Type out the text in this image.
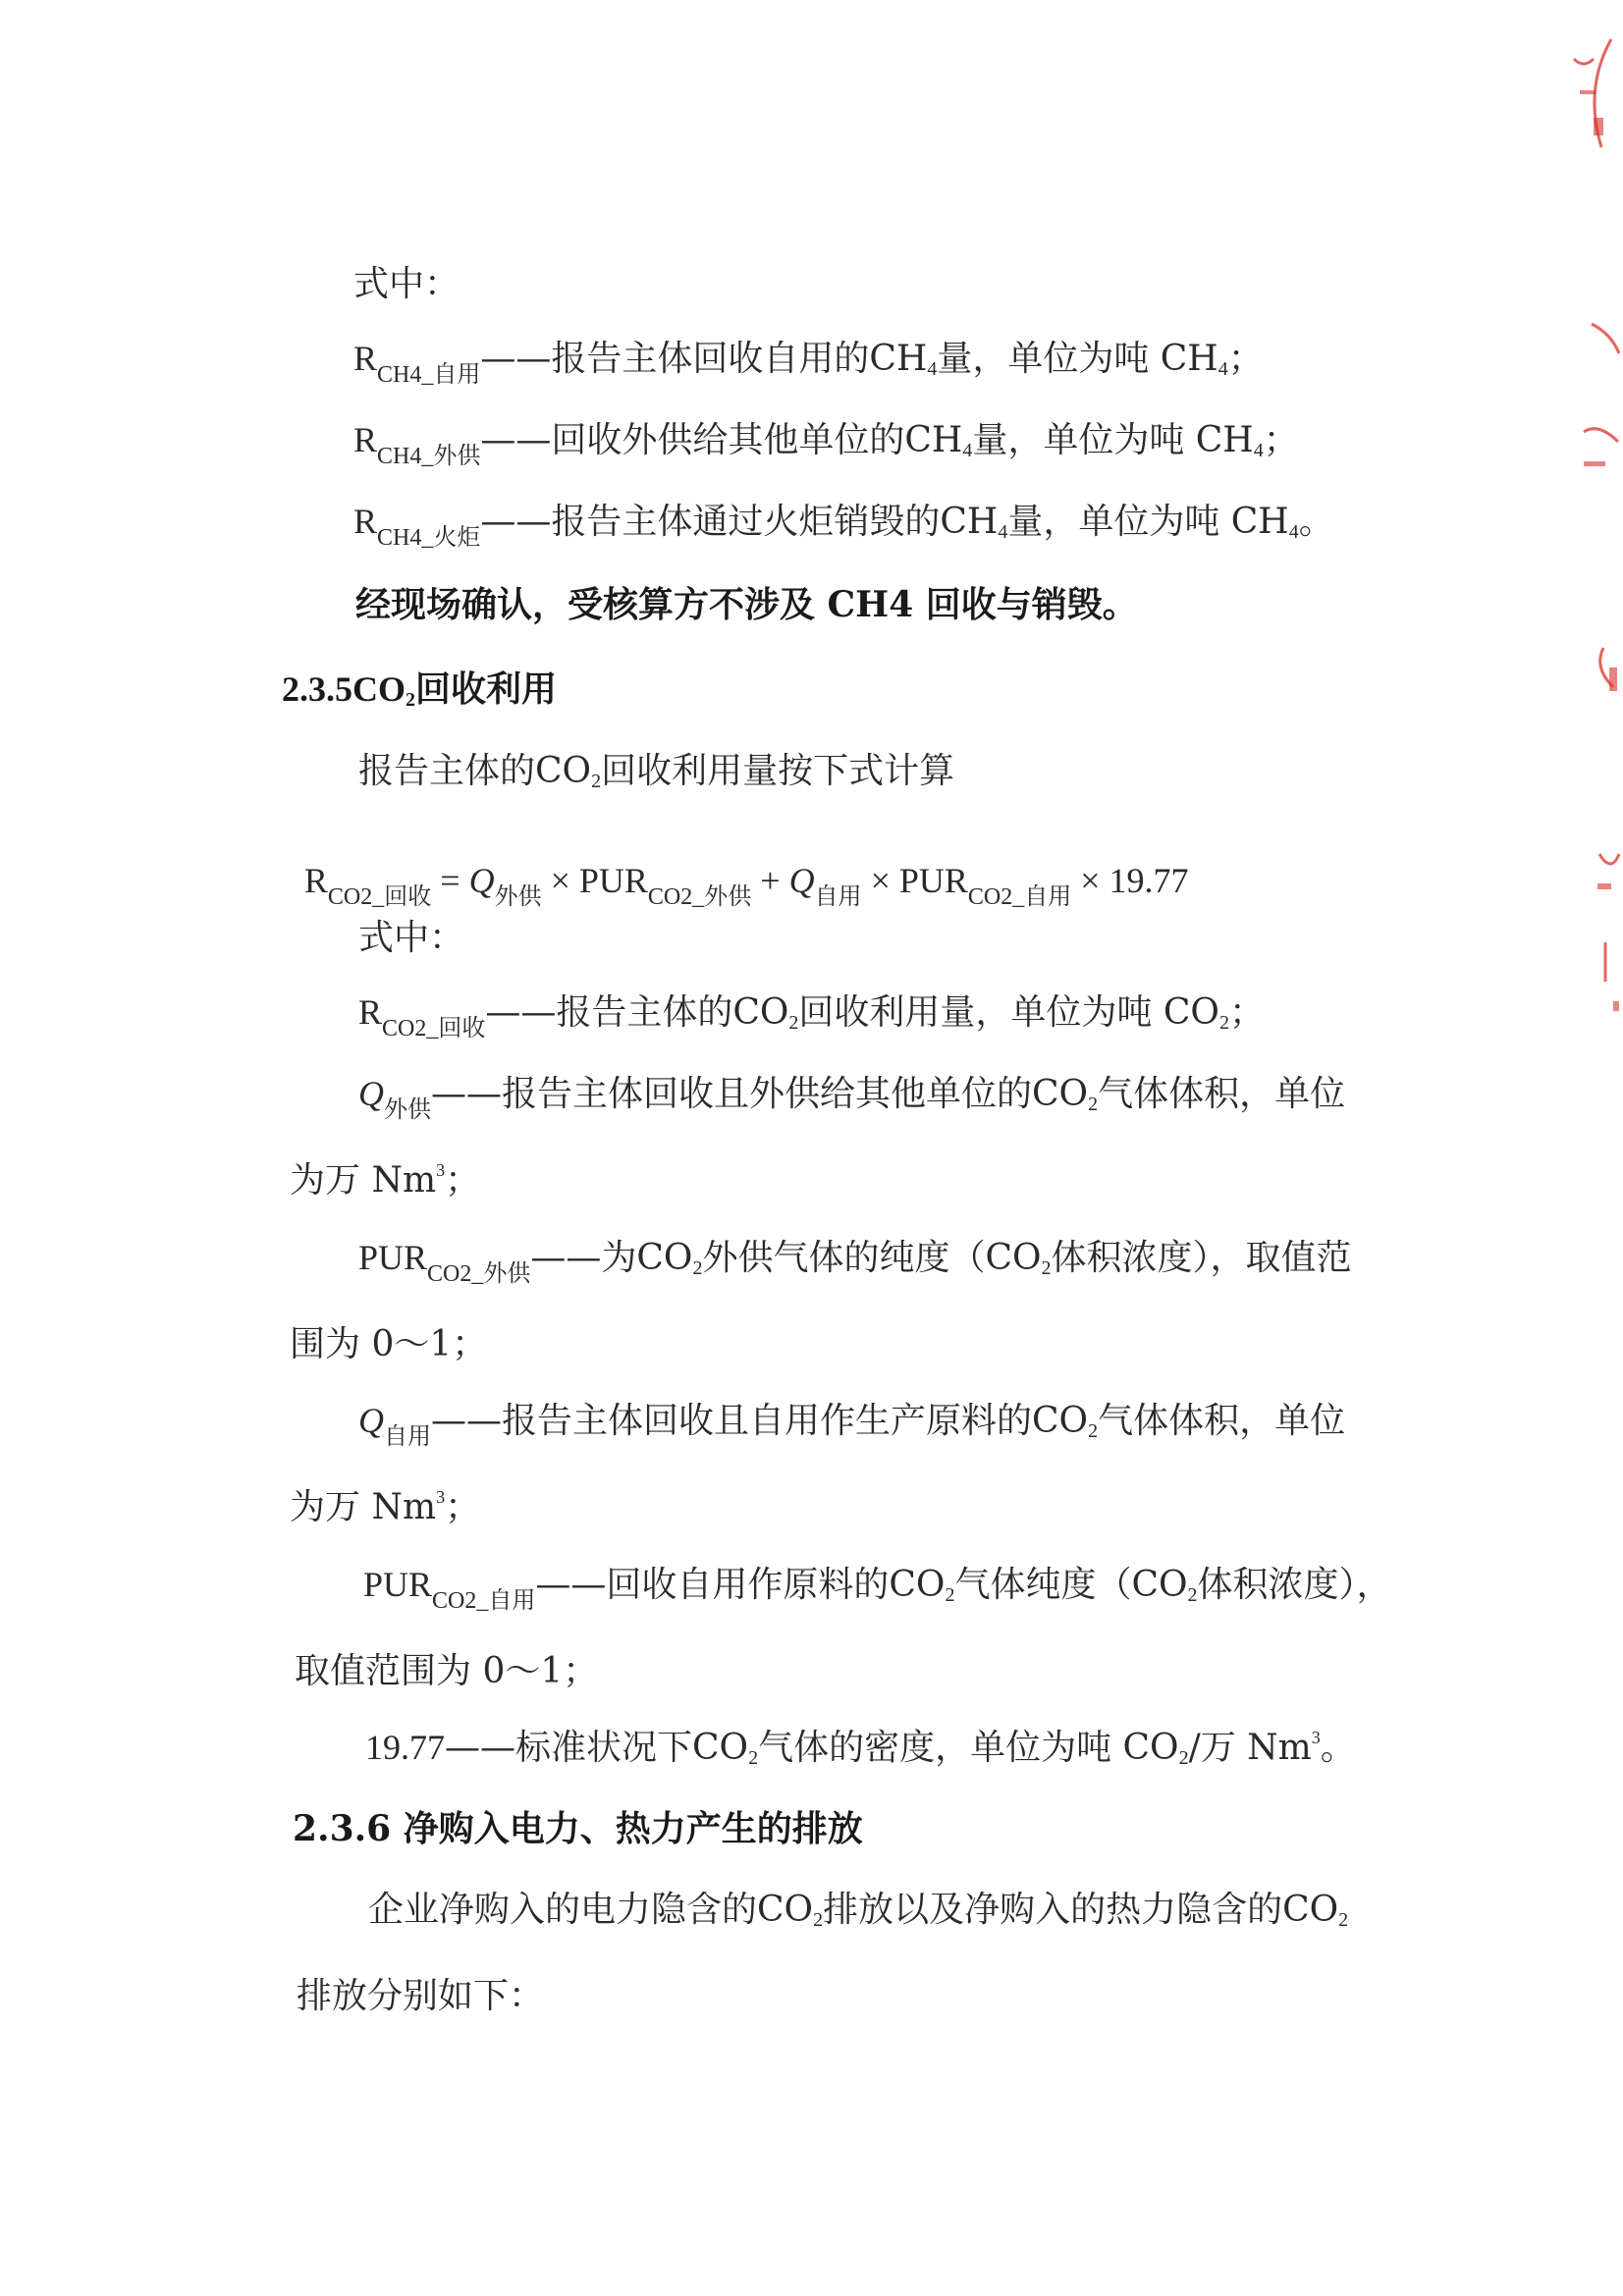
式中：
$R_{CH4\_自用}——$报告主体回收自用的CH4量，单位为吨 CH4；
$R_{CH4\_外供}——$回收外供给其他单位的CH4量，单位为吨 CH4；
$R_{CH4\_火炬}——$报告主体通过火炬销毁的CH4量，单位为吨 CH4。
经现场确认，受核算方不涉及 CH4 回收与销毁。
2.3.5CO2回收利用
报告主体的CO2回收利用量按下式计算

$R_{CO2\_回收} = Q_{外供} \times PUR_{CO2\_外供} + Q_{自用} \times PUR_{CO2\_自用} \times 19.77$

式中：
$R_{CO2\_回收}——$报告主体的CO2回收利用量，单位为吨 CO2；
$Q_{外供}——$报告主体回收且外供给其他单位的CO2气体体积，单位
为万 Nm$^3$；
$PUR_{CO2\_外供}——$为CO2外供气体的纯度（CO2体积浓度），取值范
围为 0～1；
$Q_{自用}——$报告主体回收且自用作生产原料的CO2气体体积，单位
为万 Nm$^3$；
$PUR_{CO2\_自用}——$回收自用作原料的CO2气体纯度（CO2体积浓度），
取值范围为 0～1；
19.77——标准状况下CO2气体的密度，单位为吨 CO2/万 Nm$^3$。
2.3.6 净购入电力、热力产生的排放
企业净购入的电力隐含的CO2排放以及净购入的热力隐含的CO2
排放分别如下：
